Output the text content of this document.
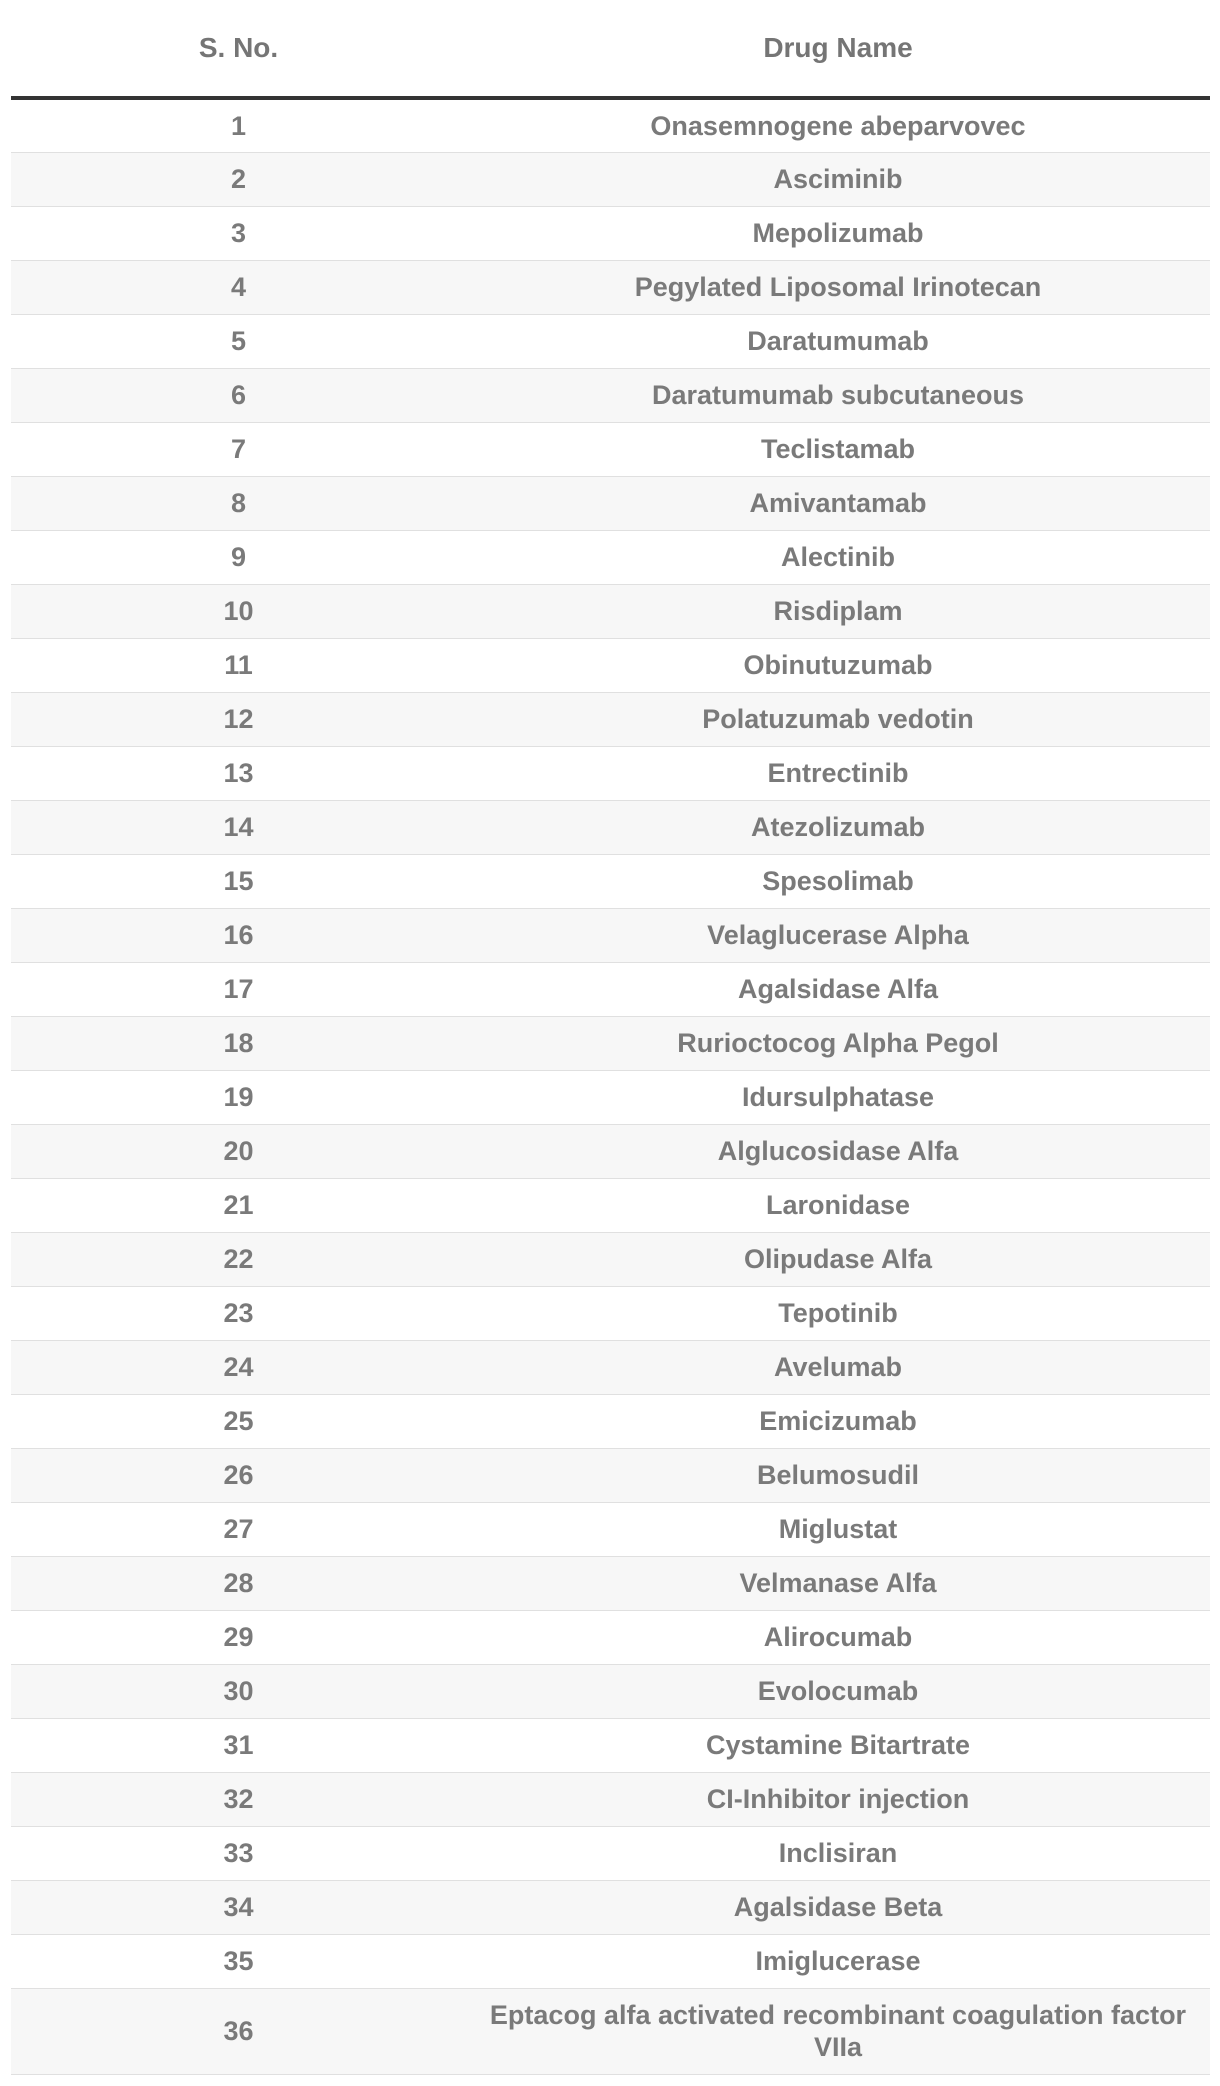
S. No.	Drug Name
1	Onasemnogene abeparvovec
2	Asciminib
3	Mepolizumab
4	Pegylated Liposomal Irinotecan
5	Daratumumab
6	Daratumumab subcutaneous
7	Teclistamab
8	Amivantamab
9	Alectinib
10	Risdiplam
11	Obinutuzumab
12	Polatuzumab vedotin
13	Entrectinib
14	Atezolizumab
15	Spesolimab
16	Velaglucerase Alpha
17	Agalsidase Alfa
18	Rurioctocog Alpha Pegol
19	Idursulphatase
20	Alglucosidase Alfa
21	Laronidase
22	Olipudase Alfa
23	Tepotinib
24	Avelumab
25	Emicizumab
26	Belumosudil
27	Miglustat
28	Velmanase Alfa
29	Alirocumab
30	Evolocumab
31	Cystamine Bitartrate
32	CI-Inhibitor injection
33	Inclisiran
34	Agalsidase Beta
35	Imiglucerase
36	Eptacog alfa activated recombinant coagulation factor VIIa
